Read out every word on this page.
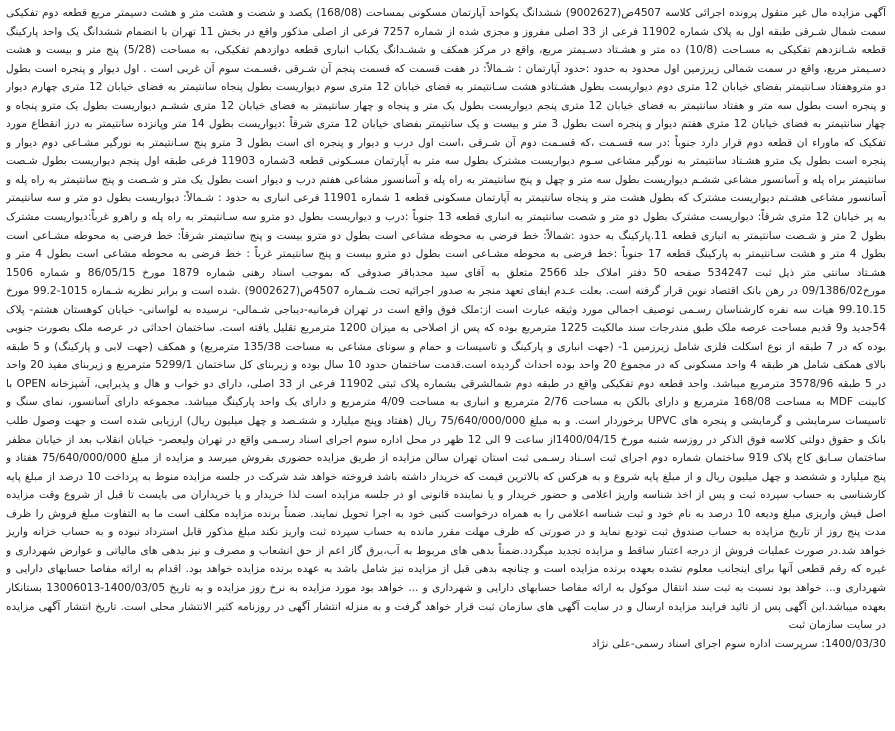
آگهی مزایده مال غیر منقول پرونده اجرائی کلاسه 4507ص(9002627) ششدانگ یکواحد آپارتمان مسکونی بمساحت (168/08) یکصد و شصت و هشت متر و هشت دسیمتر مربع قطعه دوم تفکیکی سمت شمال شـرقی طبقه اول به پلاک شماره 11902 فرعی از 33 اصلی مفروز و مجزی شده از شماره 7257 فرعی از اصلی مذکور واقع در بخش 11 تهران با انضمام ششدانگ یک واحد پارکینگ قطعه شـانزدهم تفکیکی به مسـاحت (10/8) ده متر و هشـتاد دسـیمتر مربع، واقع در مرکز همکف و ششـدانگ یکباب انباری قطعه دوازدهم تفکیکی، به مساحت (5/28) پنج متر و بیست و هشت دسـیمتر مربع، واقع در سمت شمالی زیرزمین اول محدود به حدود :حدود آپارتمان : شـمالاً: در هفت قسمت که قسمت پنجم آن شـرقی ،قسـمت سوم آن غربی است . اول دیوار و پنجره است بطول دو متروهفتاد سـانتیمتر بفضای خیابان 12 متری دوم دیواریست بطول هشـتادو هشت سـانتیمتر به فضای خیابان 12 متری سوم دیواریست بطول پنجاه سانتیمتر به فضای خیابان 12 متری چهارم دیوار و پنجره است بطول سه متر و هفتاد سانتیمتر به فضای خیابان 12 متری پنجم دیواریست بطول یک متر و پنجاه و چهار سانتیمتر به فضای خیابان 12 متری ششـم دیواریست بطول یک مترو پنجاه و چهار سانتیمتر به فضای خیابان 12 متری هفتم دیوار و پنجره است بطول 3 متر و بیست و یک سانتیمتر بفضای خیابان 12 متری شرقاً :دیواریست بطول 14 متر وپانزده سانتیمتر به درز انقطاع مورد تفکیک که ماوراء ان قطعه دوم قرار دارد جنوباً :در سه قسـمت ،که قسـمت دوم آن شـرقی ،است اول درب و دیوار و پنجره ای است بطول 3 مترو پنج سـانتیمتر به نورگیر مشـاعی دوم دیوار و پنجره است بطول یک مترو هشـتاد سانتیمتر به نورگیر مشاعی سـوم دیواریست مشترک بطول سه متر به آپارتمان مسـکونی قطعه 3شماره 11903 فرعی طبقه اول پنجم دیواریست بطول شـصت سانتیمتر براه پله و آسانسور مشاعی ششـم دیواریست بطول سه متر و چهل و پنج سانتیمتر به راه پله و آسانسور مشاعی هفتم درب و دیوار است بطول یک متر و شـصت و پنج سانتیمتر به راه پله و آسانسور مشاعی هشـتم دیواریست مشترک که بطول هشت متر و پنجاه سانتیمتر به آپارتمان مسکونی قطعه 1 شماره 11901 فرعی انباری به حدود : شـمالاً: دیواریست بطول دو متر و سه سانتیمتر به پر خیابان 12 متری شرقاً: دیواریست مشترک بطول دو متر و شصت سانتیمتر به انباری قطعه 13 جنوباً :درب و دیواریست بطول دو مترو سه سـانتیمتر به راه پله و راهرو غرباً:دیواریست مشترک بطول 2 متر و شـصت سانتیمتر به انباری قطعه 11.پارکینگ به حدود :شمالاً: خط فرضی به محوطه مشاعی است بطول دو مترو بیست و پنج سانتیمتر شرقاً: خط فرضی به محوطه مشـاعی است بطول 4 متر و هشت سـانتیمتر به پارکینگ قطعه 17 جنوباً :خط فرضی به محوطه مشـاعی است بطول دو مترو بیست و پنج سانتیمتر غرباً : خط فرضی به محوطه مشاعی است بطول 4 متر و هشـتاد سانتی متر ذیل ثبت 534247 صفحه 50 دفتر املاک جلد 2566 متعلق به آقای سید مجدباقر صدوقی که بموجب اسناد رهنی شماره 1879 مورخ 86/05/15 و شماره 1506 مورخ09/1386/02 در رهن بانک اقتصاد نوین قرار گرفته است. بعلت عـدم ایفای تعهد منجر به صدور اجرائیه تحت شـماره 4507ص(9002627) .شده است و برابر نظریه شـماره 1015-99.2 مورخ 99.10.15 هیات سه نفره کارشناسان رسـمی توصیف اجمالی مورد وثیقه عبارت است از:ملک فوق واقع است در تهران فرمانیه-دیباجی شـمالی- نرسیده به لواسانی- خیابان کوهستان هشتم- پلاک 54جدید و9 قدیم مساحت عرصه ملک طبق مندرجات سند مالکیت 1225 مترمربع بوده که پس از اصلاحی به میزان 1200 مترمربع تقلیل یافته است. ساختمان احداثی در عرصه ملک بصورت جنوبی بوده که در 7 طبقه از نوع اسکلت فلزی شامل زیرزمین 1- (جهت انباری و پارکینگ و تاسیسات و حمام و سونای مشاعی به مساحت 135/38 مترمربع) و همکف (جهت لابی و پارکینگ) و 5 طبقه بالای همکف شامل هر طبقه 4 واحد مسکونی که در مجموع 20 واحد بوده احداث گردیده است.قدمت ساختمان حدود 10 سال بوده و زیربنای کل ساختمان 5299/1 مترمربع و زیربنای مفید 20 واحد در 5 طبقه 3578/96 مترمربع میباشد. واحد قطعه دوم تفکیکی واقع در طبقه دوم شمالشرقی بشماره پلاک ثبتی 11902 فرعی از 33 اصلی، دارای دو خواب و هال و پذیرایی، آشپزخانه OPEN با کابینت MDF به مساحت 168/08 مترمربع و دارای بالکن به مساحت 2/76 مترمربع و انباری به مساحت 4/09 مترمربع و دارای یک واحد پارکینگ میباشد. مجموعه دارای آسانسور، نمای سنگ و تاسیسات سرمایشی و گرمایشی و پنجره های UPVC برخوردار است. و به مبلغ 75/640/000/000 ریال (هفتاد وپنج میلیارد و ششـصد و چهل میلیون ریال) ارزیابی شده است و جهت وصول طلب بانک و حقوق دولتی کلاسه فوق الذکر در روزسه شنبه مورخ 1400/04/15از ساعت 9 الی 12 ظهر در محل اداره سوم اجرای اسناد رسـمی واقع در تهران ولیعصر- خیابان انقلاب بعد از خیابان مظفر ساختمان سـابق کاج پلاک 919 ساختمان شماره دوم اجرای ثبت اسـناد رسـمی ثبت استان تهران سالن مزایده از طریق مزایده حضوری بفروش میرسد و مزایده از مبلغ 75/640/000/000 هفتاد و پنج میلیارد و ششصد و چهل میلیون ریال و از مبلغ پایه شروع و به هرکس که بالاترین قیمت که خریدار داشته باشد فروخته خواهد شد شرکت در جلسه مزایده منوط به پرداخت 10 درصد از مبلغ پایه کارشناسی به حساب سپرده ثبت و پس از اخذ شناسه واریز اعلامی و حضور خریدار و یا نماینده قانونی او در جلسه مزایده است لذا خریدار و یا خریداران می بایست تا قبل از شروع وقت مزایده اصل فیش واریزی مبلغ ودیعه 10 درصد به نام خود و ثبت شناسه اعلامی را به همراه درخواست کتبی خود به اجرا تحویل نمایند. ضمناً برنده مزایده مکلف است ما به التفاوت مبلغ فروش را ظرف مدت پنج روز از تاریخ مزایده به حساب صندوق ثبت تودیع نماید و در صورتی که ظرف مهلت مقرر مانده به حساب سپرده ثبت واریز نکند مبلغ مذکور قابل استرداد نبوده و به حساب خزانه واریز خواهد شد.در صورت عملیات فروش از درجه اعتبار ساقط و مزایده تجدید میگردد.ضمناً بدهی های مربوط به آب،برق گاز اعم از حق انشعاب و مصرف و نیز بدهی های مالیاتی و عوارض شهرداری و غیره که رقم قطعی آنها برای اینجانب معلوم نشده بعهده برنده مزایده است و چنانچه بدهی قبل از مزایده نیز شامل باشد به عهده برنده مزایده خواهد بود. اقدام به ارائه مفاصا حسابهای دارایی و شهرداری و... خواهد بود نسبت به ثبت سند انتقال موکول به ارائه مفاصا حسابهای دارایی و شهرداری و ... خواهد بود مورد مزایده به نرخ روز مزایده و به تاریخ 1400/03/05-13006013 بستانکار بعهده میباشد.این آگهی پس از تائید فرایند مزایده ارسال و در سایت آگهی های سازمان ثبت قرار خواهد گرفت و به منزله انتشار آگهی در روزنامه کثیر الانتشار محلی است. تاریخ انتشار آگهی مزایده در سایت سازمان ثبت

1400/03/30: سرپرست اداره سوم اجرای اسناد رسمی-علی نژاد
